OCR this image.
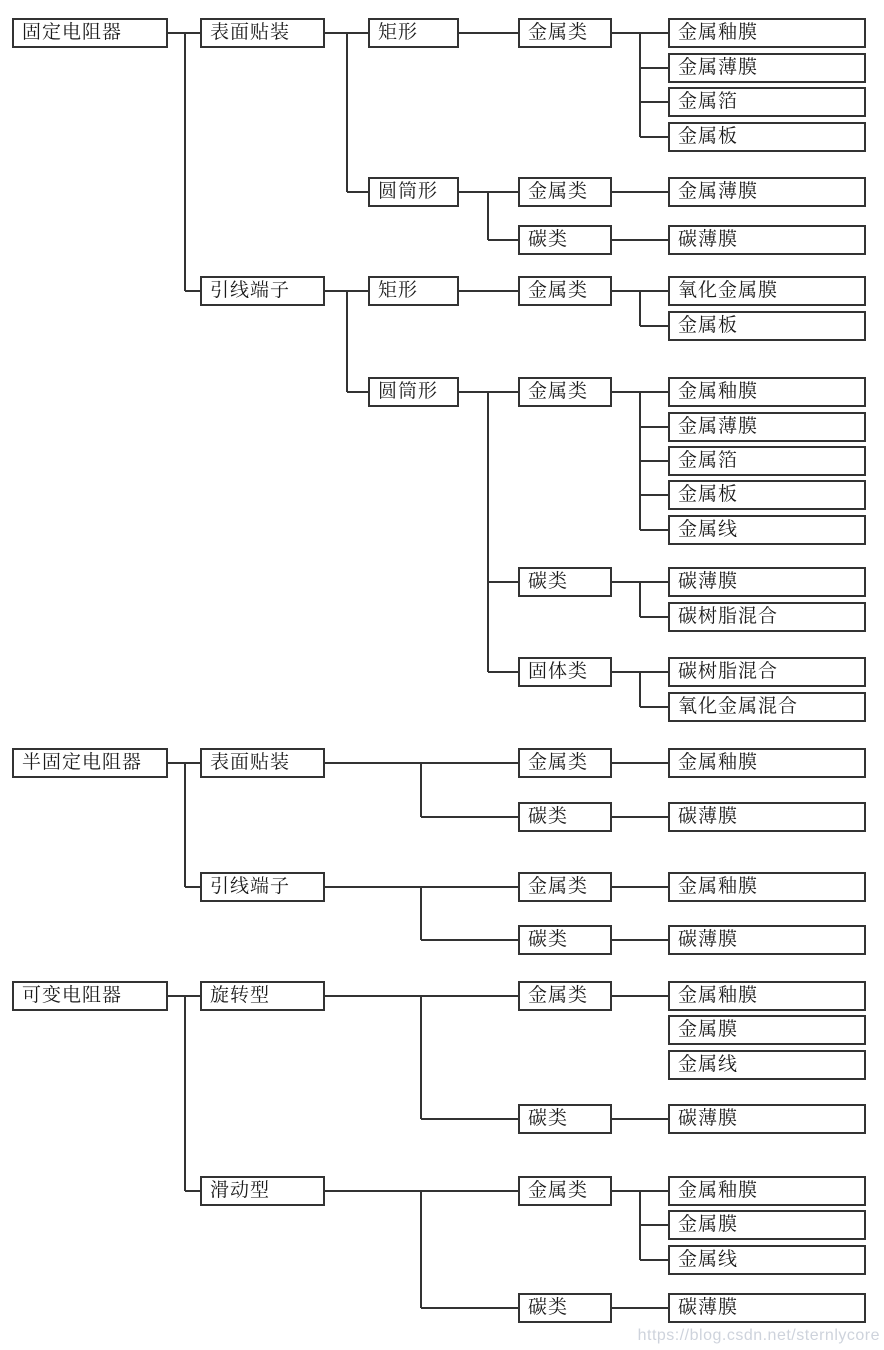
https://blog.csdn.net/sternlycore
固定电阻器	表面贴装	矩形	金属类	金属釉膜
金属薄膜
金属箔
金属板
圆筒形	金属类	金属薄膜
碳类	碳薄膜
引线端子	矩形	金属类	氧化金属膜
金属板
圆筒形	金属类	金属釉膜
金属薄膜
金属箔
金属板
金属线
碳类	碳薄膜
碳树脂混合
固体类	碳树脂混合
氧化金属混合
半固定电阻器	表面贴装	金属类	金属釉膜
碳类	碳薄膜
引线端子	金属类	金属釉膜
碳类	碳薄膜
可变电阻器	旋转型	金属类	金属釉膜
金属膜
金属线
碳类	碳薄膜
滑动型	金属类	金属釉膜
金属膜
金属线
碳类	碳薄膜
